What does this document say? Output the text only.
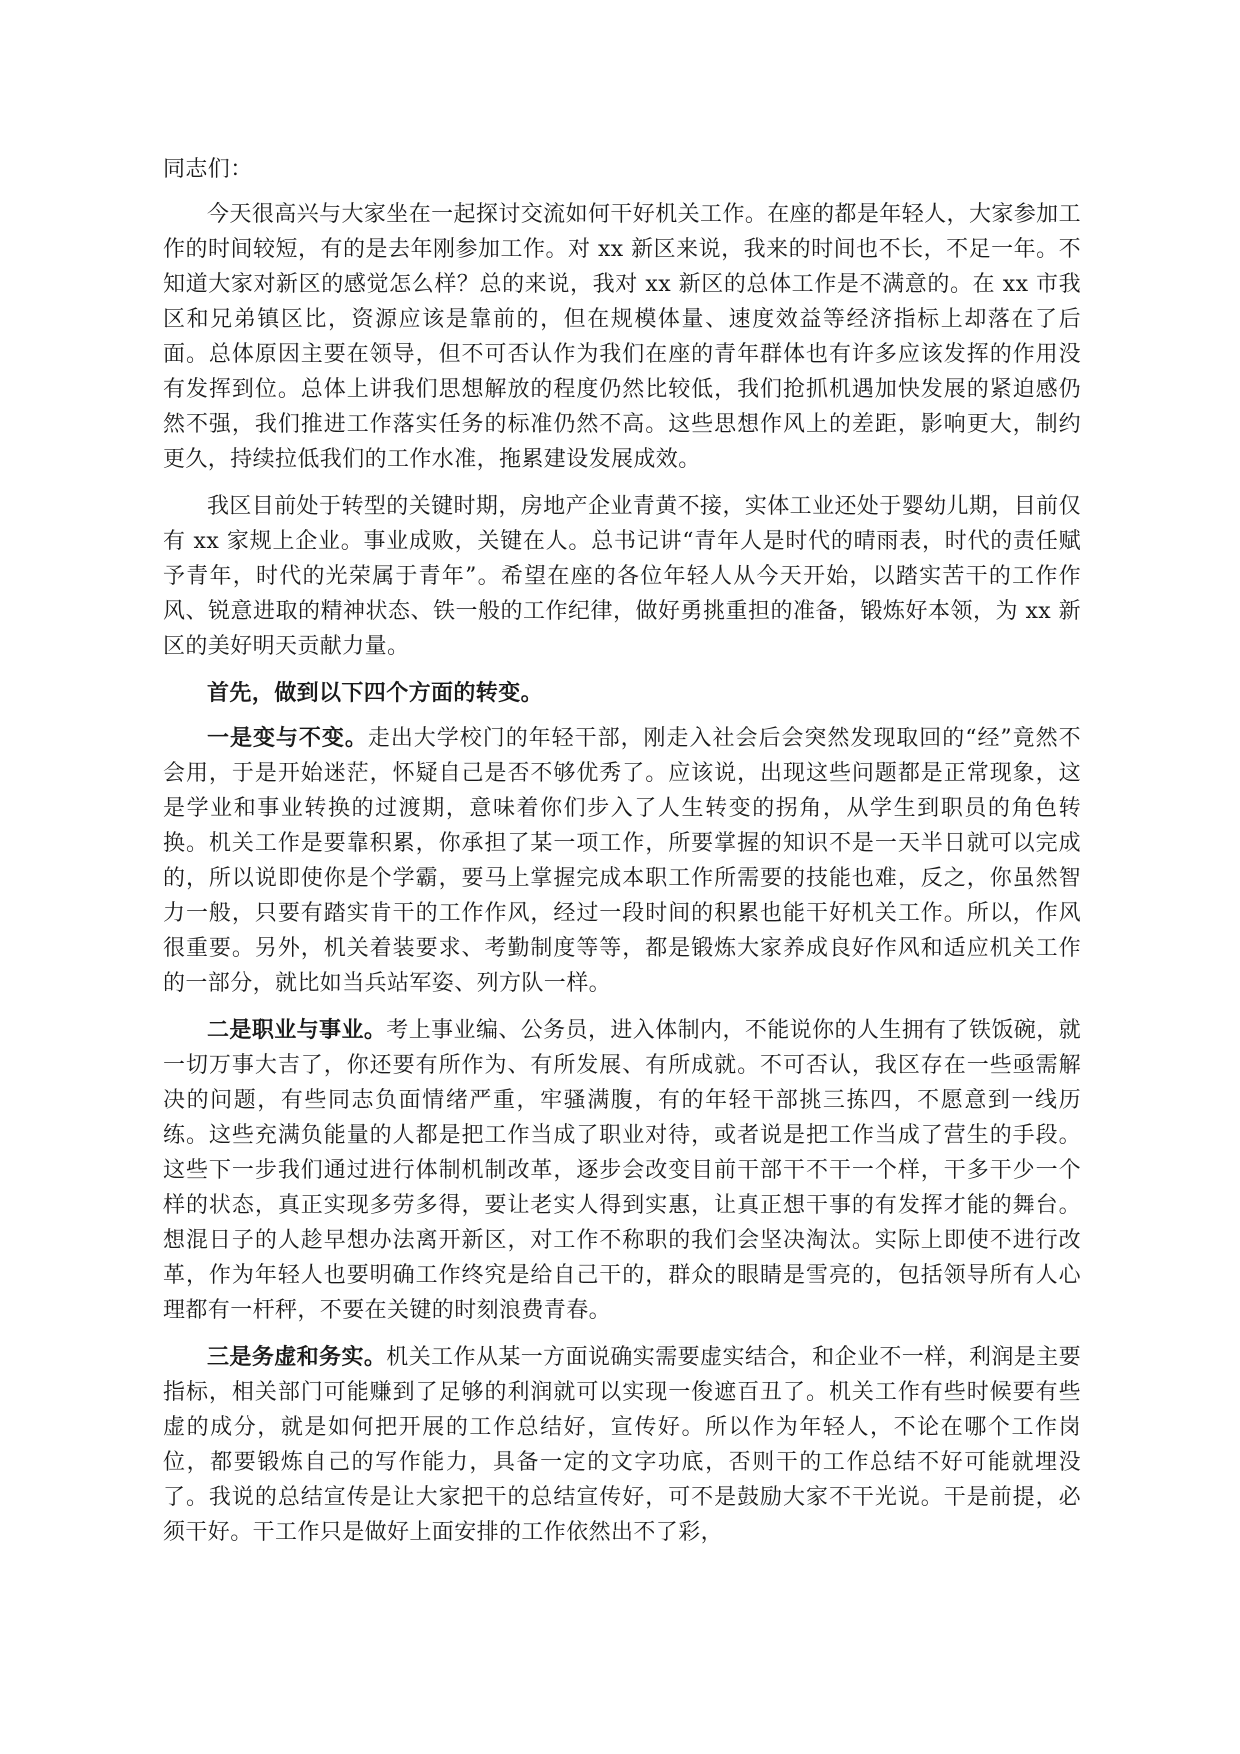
同志们：

今天很高兴与大家坐在一起探讨交流如何干好机关工作。在座的都是年轻人，大家参加工作的时间较短，有的是去年刚参加工作。对 xx 新区来说，我来的时间也不长，不足一年。不知道大家对新区的感觉怎么样？总的来说，我对 xx 新区的总体工作是不满意的。在 xx 市我区和兄弟镇区比，资源应该是靠前的，但在规模体量、速度效益等经济指标上却落在了后面。总体原因主要在领导，但不可否认作为我们在座的青年群体也有许多应该发挥的作用没有发挥到位。总体上讲我们思想解放的程度仍然比较低，我们抢抓机遇加快发展的紧迫感仍然不强，我们推进工作落实任务的标准仍然不高。这些思想作风上的差距，影响更大，制约更久，持续拉低我们的工作水准，拖累建设发展成效。

我区目前处于转型的关键时期，房地产企业青黄不接，实体工业还处于婴幼儿期，目前仅有 xx 家规上企业。事业成败，关键在人。总书记讲“青年人是时代的晴雨表，时代的责任赋予青年，时代的光荣属于青年”。希望在座的各位年轻人从今天开始，以踏实苦干的工作作风、锐意进取的精神状态、铁一般的工作纪律，做好勇挑重担的准备，锻炼好本领，为 xx 新区的美好明天贡献力量。

首先，做到以下四个方面的转变。

一是变与不变。走出大学校门的年轻干部，刚走入社会后会突然发现取回的“经”竟然不会用，于是开始迷茫，怀疑自己是否不够优秀了。应该说，出现这些问题都是正常现象，这是学业和事业转换的过渡期，意味着你们步入了人生转变的拐角，从学生到职员的角色转换。机关工作是要靠积累，你承担了某一项工作，所要掌握的知识不是一天半日就可以完成的，所以说即使你是个学霸，要马上掌握完成本职工作所需要的技能也难，反之，你虽然智力一般，只要有踏实肯干的工作作风，经过一段时间的积累也能干好机关工作。所以，作风很重要。另外，机关着装要求、考勤制度等等，都是锻炼大家养成良好作风和适应机关工作的一部分，就比如当兵站军姿、列方队一样。

二是职业与事业。考上事业编、公务员，进入体制内，不能说你的人生拥有了铁饭碗，就一切万事大吉了，你还要有所作为、有所发展、有所成就。不可否认，我区存在一些亟需解决的问题，有些同志负面情绪严重，牢骚满腹，有的年轻干部挑三拣四，不愿意到一线历练。这些充满负能量的人都是把工作当成了职业对待，或者说是把工作当成了营生的手段。这些下一步我们通过进行体制机制改革，逐步会改变目前干部干不干一个样，干多干少一个样的状态，真正实现多劳多得，要让老实人得到实惠，让真正想干事的有发挥才能的舞台。想混日子的人趁早想办法离开新区，对工作不称职的我们会坚决淘汰。实际上即使不进行改革，作为年轻人也要明确工作终究是给自己干的，群众的眼睛是雪亮的，包括领导所有人心理都有一杆秤，不要在关键的时刻浪费青春。

三是务虚和务实。机关工作从某一方面说确实需要虚实结合，和企业不一样，利润是主要指标，相关部门可能赚到了足够的利润就可以实现一俊遮百丑了。机关工作有些时候要有些虚的成分，就是如何把开展的工作总结好，宣传好。所以作为年轻人，不论在哪个工作岗位，都要锻炼自己的写作能力，具备一定的文字功底，否则干的工作总结不好可能就埋没了。我说的总结宣传是让大家把干的总结宣传好，可不是鼓励大家不干光说。干是前提，必须干好。干工作只是做好上面安排的工作依然出不了彩，
